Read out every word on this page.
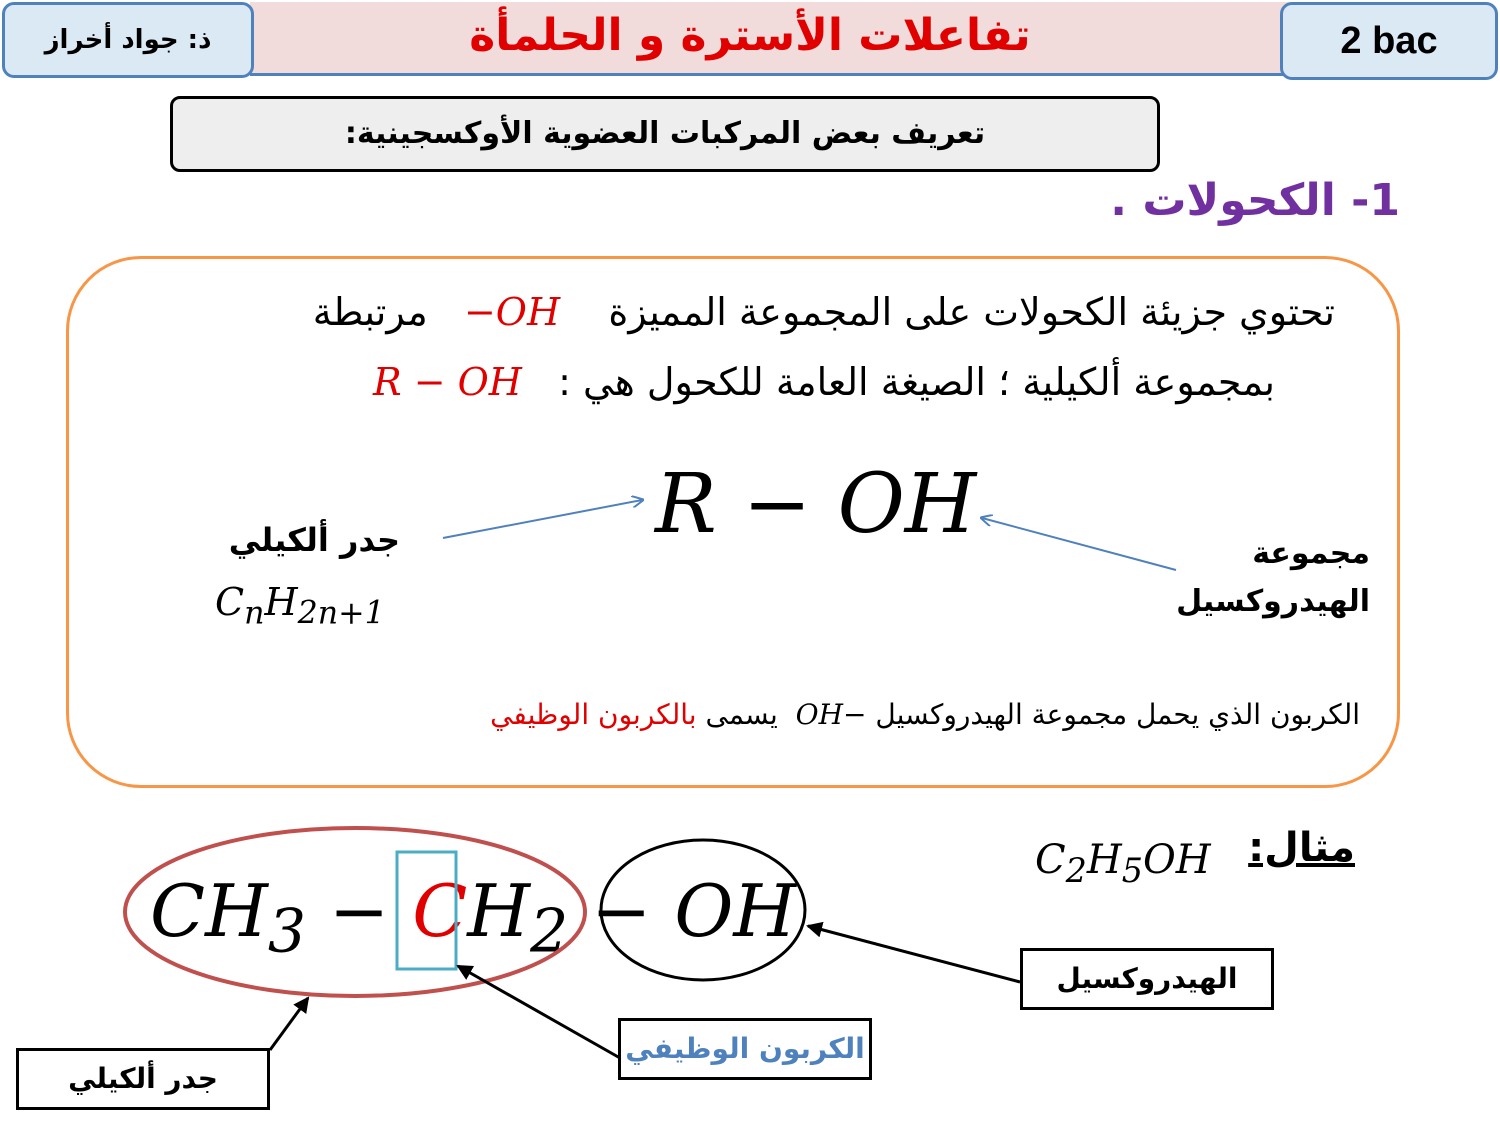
تفاعلات الأسترة و الحلمأة
ذ: جواد أخراز	2 bac
تعريف بعض المركبات العضوية الأوكسجينية:
1- الكحولات .
تحتوي جزيئة الكحولات على المجموعة المميزة    −OH   مرتبطة
بمجموعة ألكيلية ؛ الصيغة العامة للكحول هي :   R − OH
R − OH
جدر ألكيلي
$C_nH_{2n+1}$
مجموعة
الهيدروكسيل
الكربون الذي يحمل مجموعة الهيدروكسيل OH−  يسمى بالكربون الوظيفي
مثال:
$C_2H_5OH$
$CH_3 - CH_2$ − OH
الهيدروكسيل
الكربون الوظيفي
جدر ألكيلي
